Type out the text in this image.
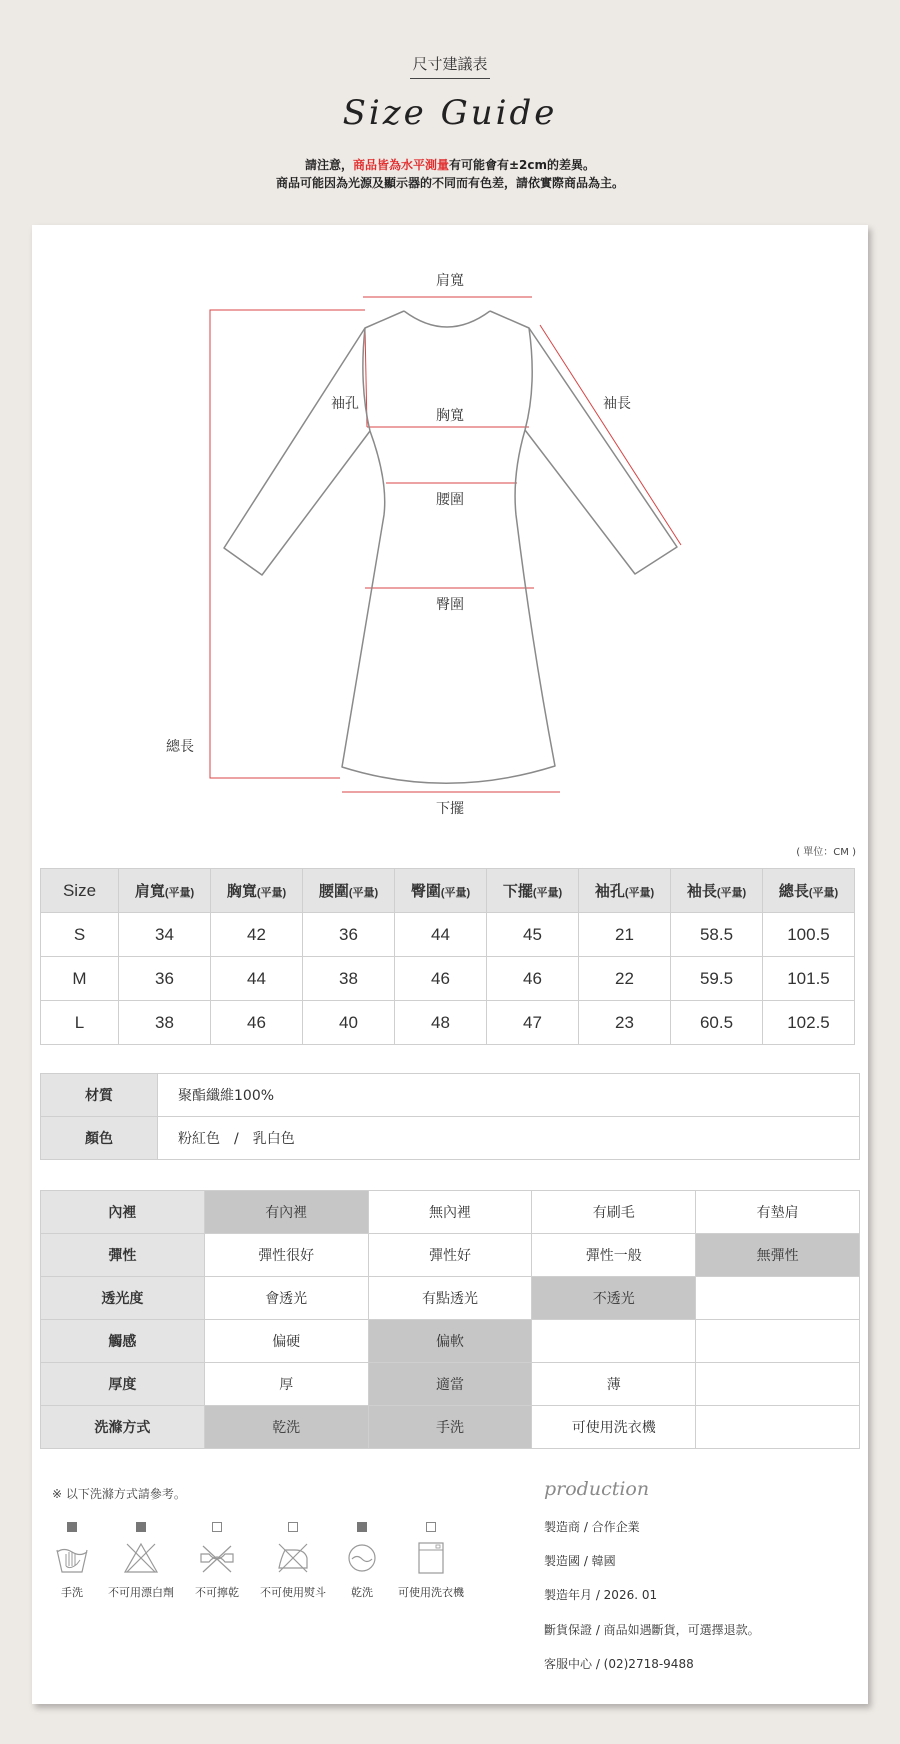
尺寸建議表
Size Guide
請注意，商品皆為水平測量有可能會有±2cm的差異。
商品可能因為光源及顯示器的不同而有色差，請依實際商品為主。
肩寬
袖孔
胸寬
袖長
腰圍
臀圍
總長
下擺
( 單位：CM )
Size	肩寬(平量)	胸寬(平量)	腰圍(平量)	臀圍(平量)	下擺(平量)	袖孔(平量)	袖長(平量)	總長(平量)
S	34	42	36	44	45	21	58.5	100.5
M	36	44	38	46	46	22	59.5	101.5
L	38	46	40	48	47	23	60.5	102.5
材質	聚酯纖維100%
顏色	粉紅色　/　乳白色
內裡	有內裡	無內裡	有刷毛	有墊肩
彈性	彈性很好	彈性好	彈性一般	無彈性
透光度	會透光	有點透光	不透光	
觸感	偏硬	偏軟		
厚度	厚	適當	薄	
洗滌方式	乾洗	手洗	可使用洗衣機	
※ 以下洗滌方式請參考。
手洗	不可用漂白劑	不可擰乾	不可使用熨斗	乾洗	可使用洗衣機
production
製造商 / 合作企業
製造國 / 韓國
製造年月 / 2026. 01
斷貨保證 / 商品如遇斷貨，可選擇退款。
客服中心 / (02)2718-9488
